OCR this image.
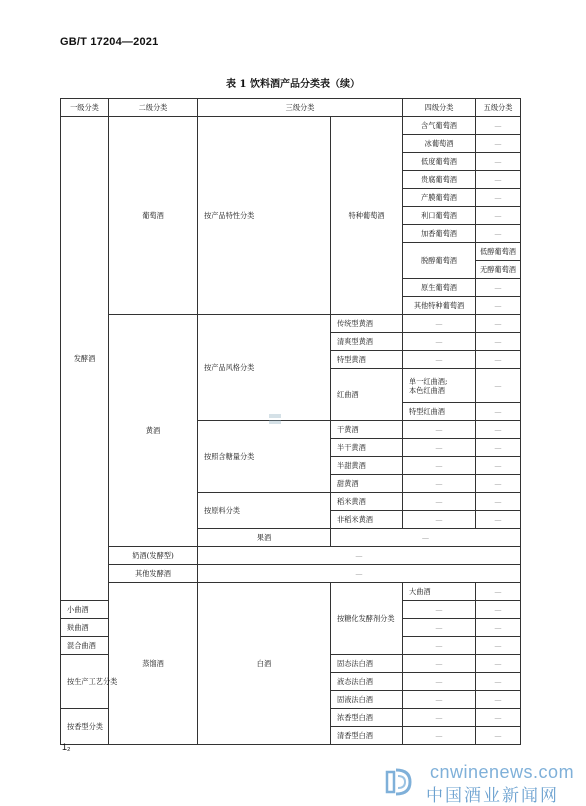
GB/T 17204—2021
表 1 饮料酒产品分类表（续）
一级分类	二级分类	三级分类		四级分类	五级分类	
发酵酒	葡萄酒	按产品特性分类	特种葡萄酒	含气葡萄酒	—	
				冰葡萄酒	—	
				低度葡萄酒	—	
				贵腐葡萄酒	—	
				产膜葡萄酒	—	
				利口葡萄酒	—	
				加香葡萄酒	—	
				脱醇葡萄酒	低醇葡萄酒	
					无醇葡萄酒	
				原生葡萄酒	—	
				其他特种葡萄酒	—	
	黄酒	按产品风格分类	传统型黄酒	—	—	
			清爽型黄酒	—	—	
			特型黄酒	—	—	
			红曲酒	单一红曲酒;
本色红曲酒	—	
				特型红曲酒	—	
		按照含糖量分类	干黄酒	—	—	
			半干黄酒	—	—	
			半甜黄酒	—	—	
			甜黄酒	—	—	
		按原料分类	稻米黄酒	—	—	
			非稻米黄酒	—	—	
		果酒	—			
	奶酒(发酵型)	—				
	其他发酵酒	—				
	蒸馏酒	白酒	按糖化发酵剂分类	大曲酒	—	
小曲酒				—	—	
麸曲酒				—	—	
混合曲酒				—	—	
按生产工艺分类			固态法白酒	—	—	
			液态法白酒	—	—	
			固液法白酒	—	—	
按香型分类			浓香型白酒	—	—	
			清香型白酒	—	—	
1₂
cnwinenews.com
中国酒业新闻网
